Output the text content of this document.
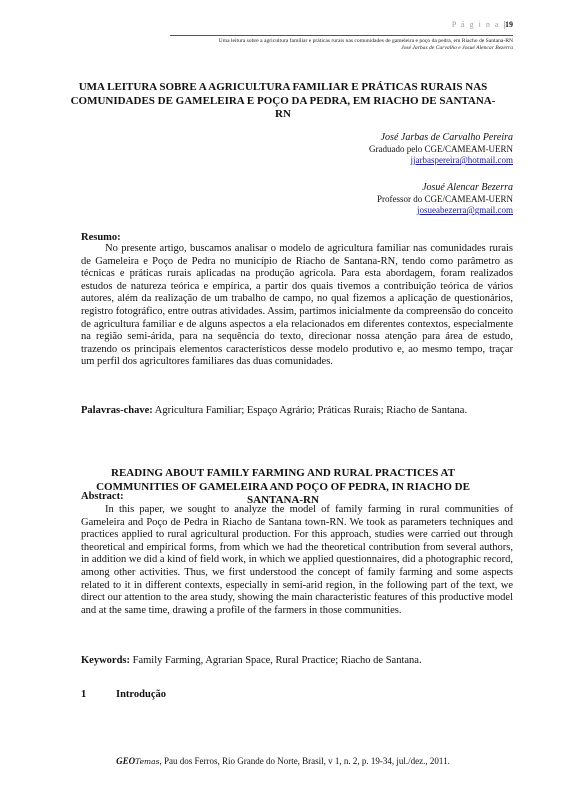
P á g i n a |19
Uma leitura sobre a agricultura familiar e práticas rurais nas comunidades de gameleira e poço da pedra, em Riacho de Santana-RN
José Jarbas de Carvalho e Josué Alencar Bezerra
UMA LEITURA SOBRE A AGRICULTURA FAMILIAR E PRÁTICAS RURAIS NAS COMUNIDADES DE GAMELEIRA E POÇO DA PEDRA, EM RIACHO DE SANTANA-RN
José Jarbas de Carvalho Pereira
Graduado pelo CGE/CAMEAM-UERN
jjarbaspereira@hotmail.com
Josué Alencar Bezerra
Professor do CGE/CAMEAM-UERN
josueabezerra@gmail.com
Resumo:
No presente artigo, buscamos analisar o modelo de agricultura familiar nas comunidades rurais de Gameleira e Poço de Pedra no município de Riacho de Santana-RN, tendo como parâmetro as técnicas e práticas rurais aplicadas na produção agrícola. Para esta abordagem, foram realizados estudos de natureza teórica e empírica, a partir dos quais tivemos a contribuição teórica de vários autores, além da realização de um trabalho de campo, no qual fizemos a aplicação de questionários, registro fotográfico, entre outras atividades. Assim, partimos inicialmente da compreensão do conceito de agricultura familiar e de alguns aspectos a ela relacionados em diferentes contextos, especialmente na região semi-árida, para na sequência do texto, direcionar nossa atenção para área de estudo, trazendo os principais elementos característicos desse modelo produtivo e, ao mesmo tempo, traçar um perfil dos agricultores familiares das duas comunidades.
Palavras-chave: Agricultura Familiar; Espaço Agrário; Práticas Rurais; Riacho de Santana.
READING ABOUT FAMILY FARMING AND RURAL PRACTICES AT COMMUNITIES OF GAMELEIRA AND POÇO OF PEDRA, IN RIACHO DE SANTANA-RN
Abstract:
In this paper, we sought to analyze the model of family farming in rural communities of Gameleira and Poço de Pedra in Riacho de Santana town-RN. We took as parameters techniques and practices applied to rural agricultural production. For this approach, studies were carried out through theoretical and empirical forms, from which we had the theoretical contribution from several authors, in addition we did a kind of field work, in which we applied questionnaires, did a photographic record, among other activities. Thus, we first understood the concept of family farming and some aspects related to it in different contexts, especially in semi-arid region, in the following part of the text, we direct our attention to the area study, showing the main characteristic features of this productive model and at the same time, drawing a profile of the farmers in those communities.
Keywords: Family Farming, Agrarian Space, Rural Practice; Riacho de Santana.
1	Introdução
GEOTemas, Pau dos Ferros, Rio Grande do Norte, Brasil, v 1, n. 2, p. 19-34, jul./dez., 2011.
